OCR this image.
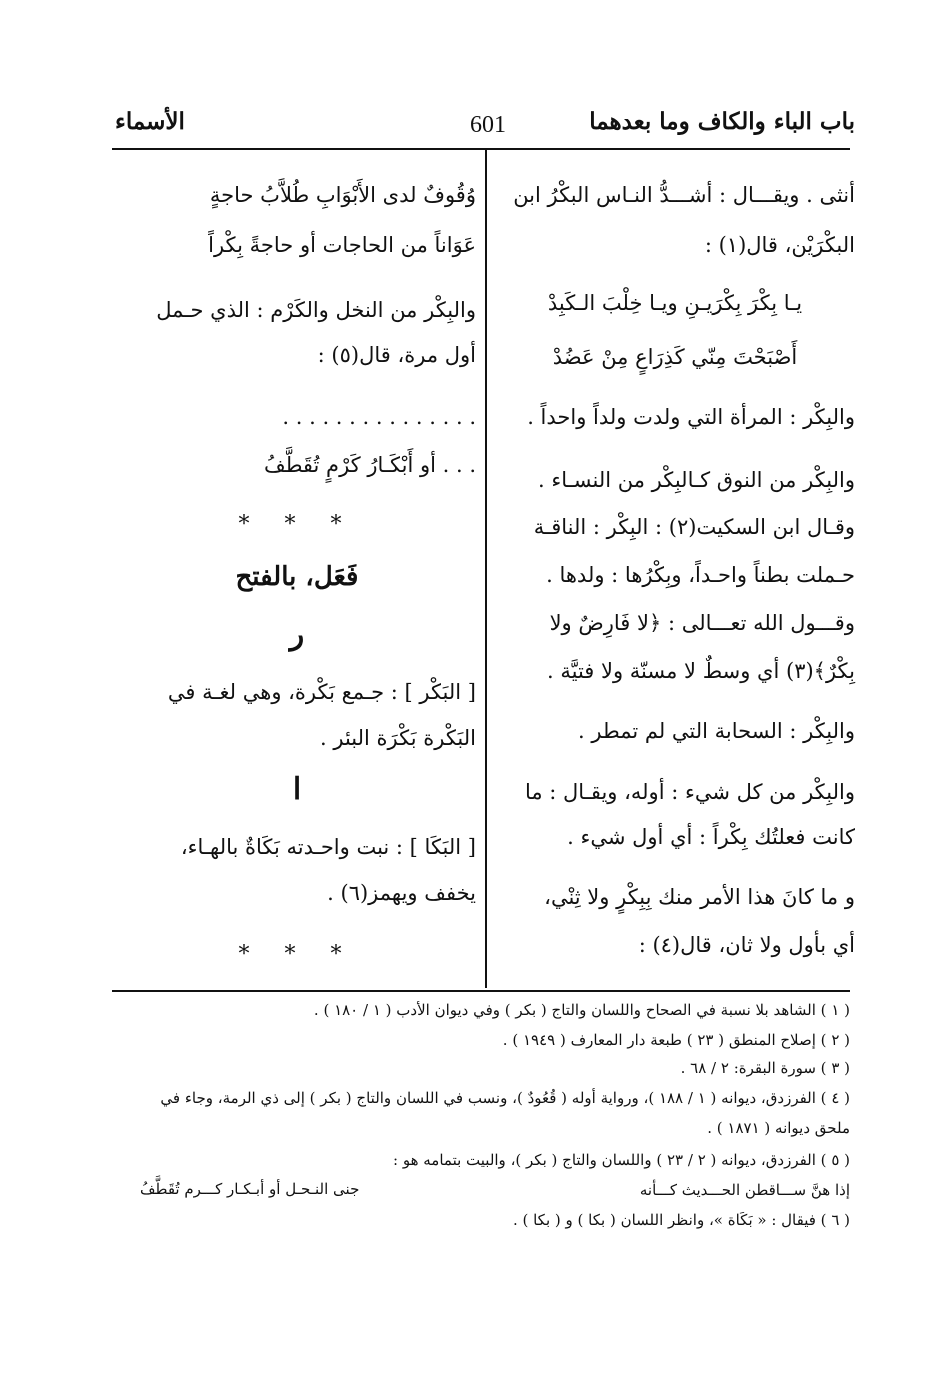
باب الباء والكاف وما بعدهما
601
الأسماء
أنثى . ويقـــال : أشـــدُّ النـاس البكْرُ ابن
البكْرَيْن، قال(١) :
يـا بِكْرَ بِكْرَيـنِ ويـا خِلْبَ الـكَبِدْ
أَصْبَحْتَ مِنّي كَذِرَاعٍ مِنْ عَضُدْ
والبِكْر : المرأة التي ولدت ولداً واحداً .
والبِكْر من النوق كـالبِكْر من النسـاء .
وقـال ابن السكيت(٢) : البِكْر : الناقـة
حـملت بطناً واحـداً، وبِكْرُها : ولدها .
وقـــول الله تعـــالى : ﴿لا فَارِضٌ ولا
بِكْرٌ﴾(٣) أي وسطٌ لا مسنّة ولا فتيَّة .
والبِكْر : السحابة التي لم تمطر .
والبِكْر من كل شيء : أوله، ويقـال : ما
كانت فعلتُك بِكْراً : أي أول شيء .
و ما كانَ هذا الأمر منك بِبِكْرٍ ولا ثِنْي،
أي بأول ولا ثان، قال(٤) :
وُقُوفٌ لدى الأَبْوَابِ طُلاَّبُ حاجةٍ
عَوَاناً من الحاجات أو حاجةً بِكْراً
والبِكْر من النخل والكَرْم : الذي حـمل
أول مرة، قال(٥) :
. . . . . . . . . . . . . . .
. . . أو أَبْكَـارُ كَرْمٍ تُقَطَّفُ
* * *
فَعَل، بالفتح
ر
[ البَكْر ] : جـمع بَكْرة، وهي لغـة في
البَكْرة بَكْرَة البئر .
ا
[ البَكَا ] : نبت واحـدته بَكَاةٌ بالهـاء،
يخفف ويهمز(٦) .
* * *
( ١ ) الشاهد بلا نسبة في الصحاح واللسان والتاج ( بكر ) وفي ديوان الأدب ( ١ / ١٨٠ ) .
( ٢ ) إصلاح المنطق ( ٢٣ ) طبعة دار المعارف ( ١٩٤٩ ) .
( ٣ ) سورة البقرة: ٢ / ٦٨ .
( ٤ ) الفرزدق، ديوانه ( ١ / ١٨٨ )، ورواية أوله ( قُعُودٌ )، ونسب في اللسان والتاج ( بكر ) إلى ذي الرمة، وجاء في
ملحق ديوانه ( ١٨٧١ ) .
( ٥ ) الفرزدق، ديوانه ( ٢ / ٢٣ ) واللسان والتاج ( بكر )، والبيت بتمامه هو :
إذا هنَّ ســـاقطن الحـــديث كـــأنه
جنى النـحـل أو أبـكـار كـــرم تُقَطَّفُ
( ٦ ) فيقال : « بَكَاة »، وانظر اللسان ( بكا ) و ( بكا ) .
